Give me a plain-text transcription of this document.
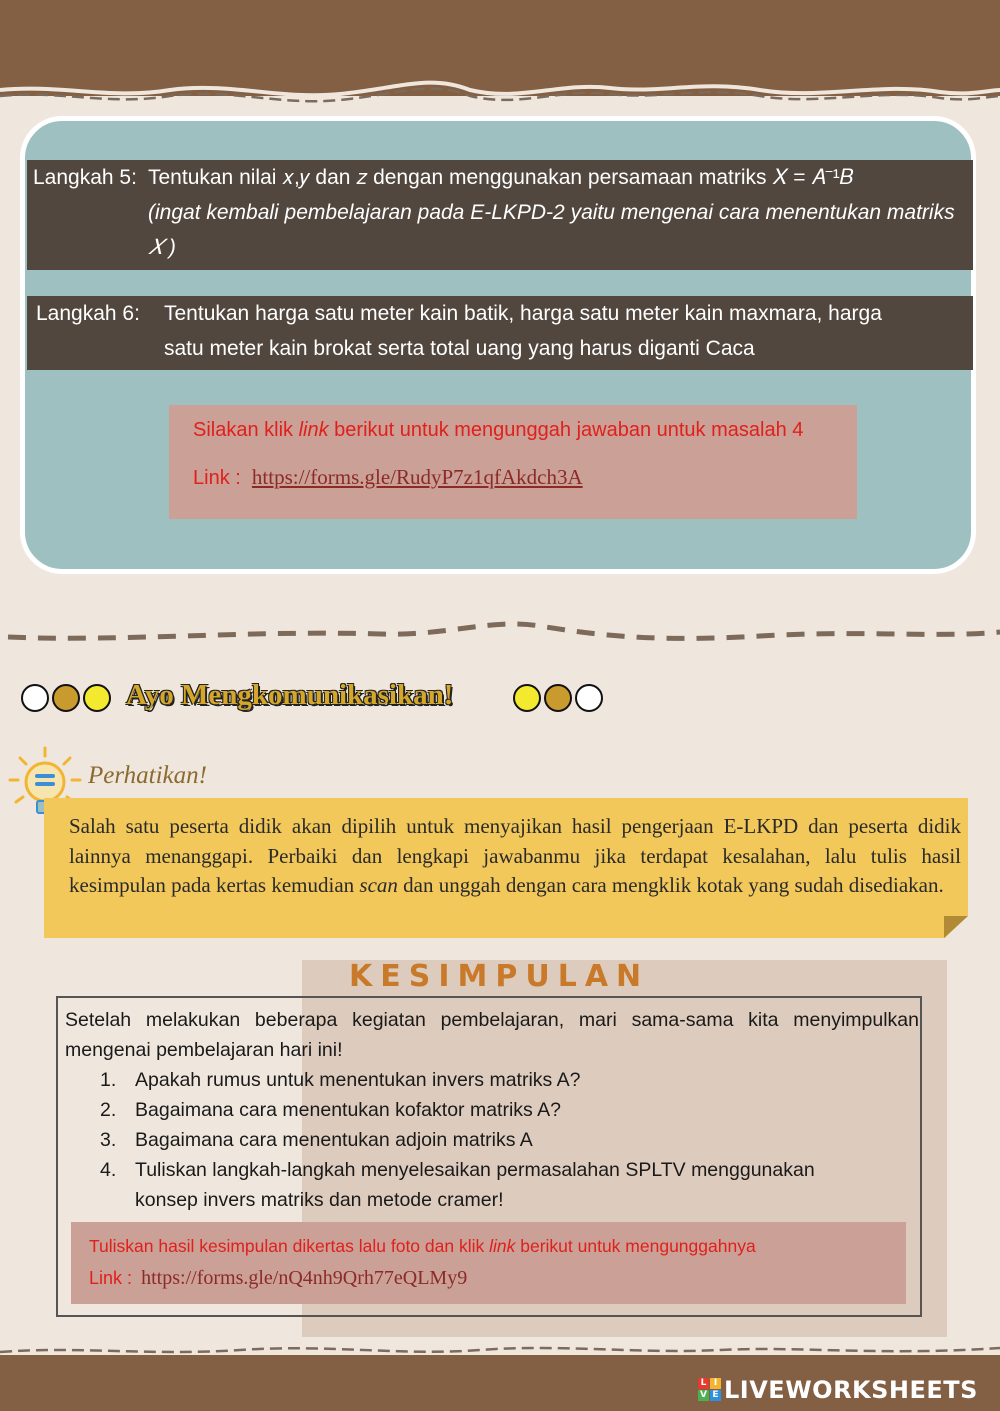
Langkah 5: Tentukan nilai 𝑥,𝑦 dan 𝑧 dengan menggunakan persamaan matriks 𝑋 = 𝐴⁻¹𝐵
(ingat kembali pembelajaran pada E-LKPD-2 yaitu mengenai cara menentukan matriks 𝑋 )
Langkah 6: Tentukan harga satu meter kain batik, harga satu meter kain maxmara, harga
satu meter kain brokat serta total uang yang harus diganti Caca
Silakan klik link berikut untuk mengunggah jawaban untuk masalah 4
Link : https://forms.gle/RudyP7z1qfAkdch3A
Ayo Mengkomunikasikan!
Perhatikan!
Salah satu peserta didik akan dipilih untuk menyajikan hasil pengerjaan E-LKPD dan peserta didik lainnya menanggapi. Perbaiki dan lengkapi jawabanmu jika terdapat kesalahan, lalu tulis hasil kesimpulan pada kertas kemudian scan dan unggah dengan cara mengklik kotak yang sudah disediakan.
KESIMPULAN
Setelah melakukan beberapa kegiatan pembelajaran, mari sama-sama kita menyimpulkan mengenai pembelajaran hari ini!
1. Apakah rumus untuk menentukan invers matriks A?
2. Bagaimana cara menentukan kofaktor matriks A?
3. Bagaimana cara menentukan adjoin matriks A
4. Tuliskan langkah-langkah menyelesaikan permasalahan SPLTV menggunakan konsep invers matriks dan metode cramer!
Tuliskan hasil kesimpulan dikertas lalu foto dan klik link berikut untuk mengunggahnya
Link : https://forms.gle/nQ4nh9Qrh77eQLMy9
L I
V E LIVEWORKSHEETS
